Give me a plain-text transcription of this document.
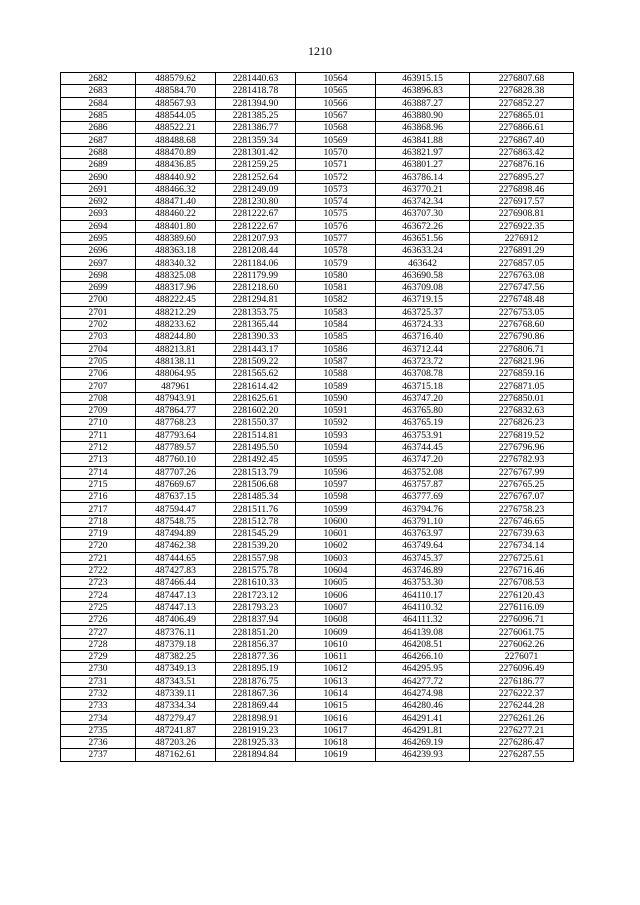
1210
2682	488579.62	2281440.63	10564	463915.15	2276807.68
2683	488584.70	2281418.78	10565	463896.83	2276828.38
2684	488567.93	2281394.90	10566	463887.27	2276852.27
2685	488544.05	2281385.25	10567	463880.90	2276865.01
2686	488522.21	2281386.77	10568	463868.96	2276866.61
2687	488488.68	2281359.34	10569	463841.88	2276867.40
2688	488470.89	2281301.42	10570	463821.97	2276863.42
2689	488436.85	2281259.25	10571	463801.27	2276876.16
2690	488440.92	2281252.64	10572	463786.14	2276895.27
2691	488466.32	2281249.09	10573	463770.21	2276898.46
2692	488471.40	2281230.80	10574	463742.34	2276917.57
2693	488460.22	2281222.67	10575	463707.30	2276908.81
2694	488401.80	2281222.67	10576	463672.26	2276922.35
2695	488389.60	2281207.93	10577	463651.56	2276912
2696	488363.18	2281208.44	10578	463633.24	2276891.29
2697	488340.32	2281184.06	10579	463642	2276857.05
2698	488325.08	2281179.99	10580	463690.58	2276763.08
2699	488317.96	2281218.60	10581	463709.08	2276747.56
2700	488222.45	2281294.81	10582	463719.15	2276748.48
2701	488212.29	2281353.75	10583	463725.37	2276753.05
2702	488233.62	2281365.44	10584	463724.33	2276768.60
2703	488244.80	2281390.33	10585	463716.40	2276790.86
2704	488213.81	2281443.17	10586	463712.44	2276806.71
2705	488138.11	2281509.22	10587	463723.72	2276821.96
2706	488064.95	2281565.62	10588	463708.78	2276859.16
2707	487961	2281614.42	10589	463715.18	2276871.05
2708	487943.91	2281625.61	10590	463747.20	2276850.01
2709	487864.77	2281602.20	10591	463765.80	2276832.63
2710	487768.23	2281550.37	10592	463765.19	2276826.23
2711	487793.64	2281514.81	10593	463753.91	2276819.52
2712	487789.57	2281495.50	10594	463744.45	2276796.96
2713	487760.10	2281492.45	10595	463747.20	2276782.93
2714	487707.26	2281513.79	10596	463752.08	2276767.99
2715	487669.67	2281506.68	10597	463757.87	2276765.25
2716	487637.15	2281485.34	10598	463777.69	2276767.07
2717	487594.47	2281511.76	10599	463794.76	2276758.23
2718	487548.75	2281512.78	10600	463791.10	2276746.65
2719	487494.89	2281545.29	10601	463763.97	2276739.63
2720	487462.38	2281539.20	10602	463749.64	2276734.14
2721	487444.65	2281557.98	10603	463745.37	2276725.61
2722	487427.83	2281575.78	10604	463746.89	2276716.46
2723	487466.44	2281610.33	10605	463753.30	2276708.53
2724	487447.13	2281723.12	10606	464110.17	2276120.43
2725	487447.13	2281793.23	10607	464110.32	2276116.09
2726	487406.49	2281837.94	10608	464111.32	2276096.71
2727	487376.11	2281851.20	10609	464139.08	2276061.75
2728	487379.18	2281856.37	10610	464208.51	2276062.26
2729	487382.25	2281877.36	10611	464266.10	2276071
2730	487349.13	2281895.19	10612	464295.95	2276096.49
2731	487343.51	2281876.75	10613	464277.72	2276186.77
2732	487339.11	2281867.36	10614	464274.98	2276222.37
2733	487334.34	2281869.44	10615	464280.46	2276244.28
2734	487279.47	2281898.91	10616	464291.41	2276261.26
2735	487241.87	2281919.23	10617	464291.81	2276277.21
2736	487203.26	2281925.33	10618	464269.19	2276286.47
2737	487162.61	2281894.84	10619	464239.93	2276287.55
